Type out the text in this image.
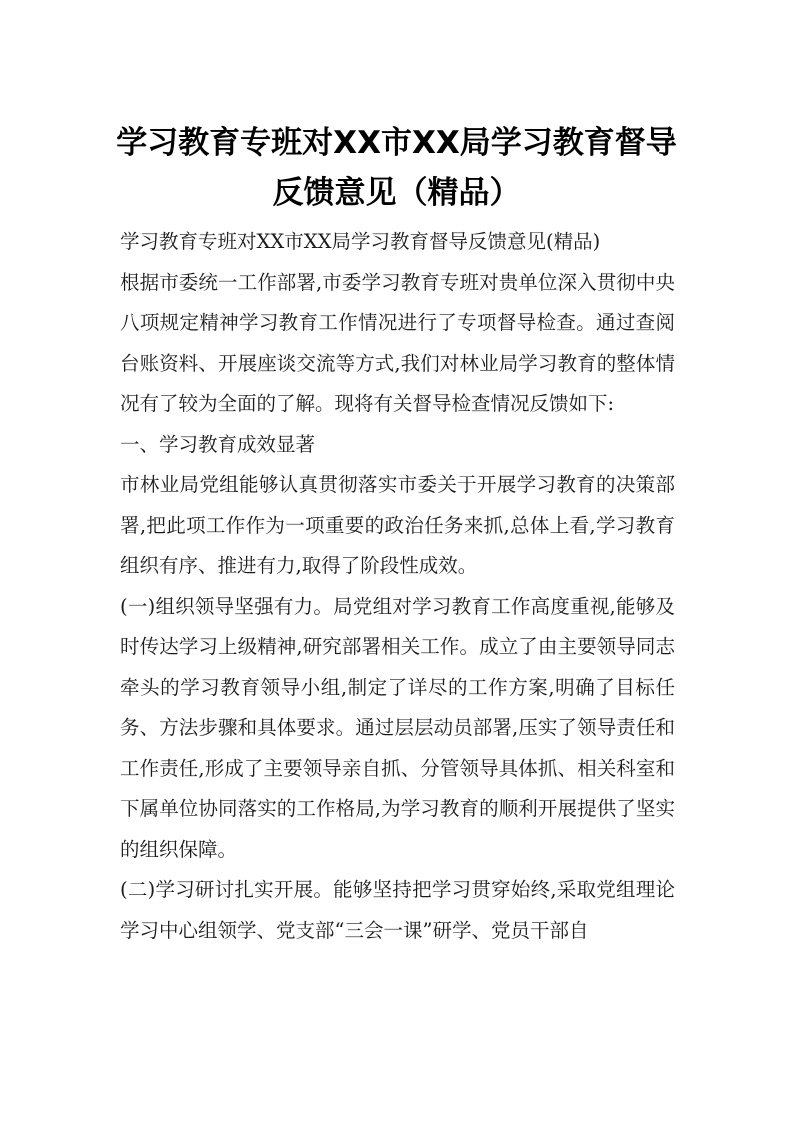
学习教育专班对XX市XX局学习教育督导反馈意见（精品）

学习教育专班对XX市XX局学习教育督导反馈意见(精品)

根据市委统一工作部署,市委学习教育专班对贵单位深入贯彻中央八项规定精神学习教育工作情况进行了专项督导检查。通过查阅台账资料、开展座谈交流等方式,我们对林业局学习教育的整体情况有了较为全面的了解。现将有关督导检查情况反馈如下:

一、学习教育成效显著

市林业局党组能够认真贯彻落实市委关于开展学习教育的决策部署,把此项工作作为一项重要的政治任务来抓,总体上看,学习教育组织有序、推进有力,取得了阶段性成效。

(一)组织领导坚强有力。局党组对学习教育工作高度重视,能够及时传达学习上级精神,研究部署相关工作。成立了由主要领导同志牵头的学习教育领导小组,制定了详尽的工作方案,明确了目标任务、方法步骤和具体要求。通过层层动员部署,压实了领导责任和工作责任,形成了主要领导亲自抓、分管领导具体抓、相关科室和下属单位协同落实的工作格局,为学习教育的顺利开展提供了坚实的组织保障。

(二)学习研讨扎实开展。能够坚持把学习贯穿始终,采取党组理论学习中心组领学、党支部“三会一课”研学、党员干部自
